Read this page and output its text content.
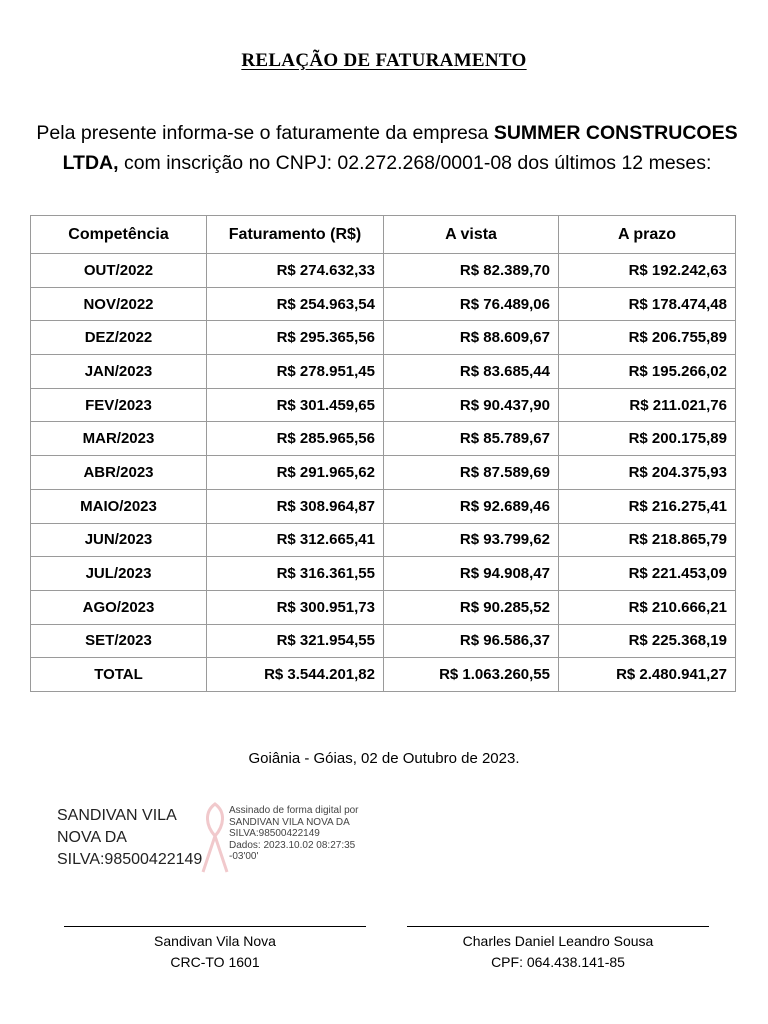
RELAÇÃO DE FATURAMENTO
Pela presente informa-se o faturamente da empresa SUMMER CONSTRUCOES LTDA, com inscrição no CNPJ: 02.272.268/0001-08 dos últimos 12 meses:
Competência	Faturamento (R$)	A vista	A prazo
OUT/2022	R$ 274.632,33	R$ 82.389,70	R$ 192.242,63
NOV/2022	R$ 254.963,54	R$ 76.489,06	R$ 178.474,48
DEZ/2022	R$ 295.365,56	R$ 88.609,67	R$ 206.755,89
JAN/2023	R$ 278.951,45	R$ 83.685,44	R$ 195.266,02
FEV/2023	R$ 301.459,65	R$ 90.437,90	R$ 211.021,76
MAR/2023	R$ 285.965,56	R$ 85.789,67	R$ 200.175,89
ABR/2023	R$ 291.965,62	R$ 87.589,69	R$ 204.375,93
MAIO/2023	R$ 308.964,87	R$ 92.689,46	R$ 216.275,41
JUN/2023	R$ 312.665,41	R$ 93.799,62	R$ 218.865,79
JUL/2023	R$ 316.361,55	R$ 94.908,47	R$ 221.453,09
AGO/2023	R$ 300.951,73	R$ 90.285,52	R$ 210.666,21
SET/2023	R$ 321.954,55	R$ 96.586,37	R$ 225.368,19
TOTAL	R$ 3.544.201,82	R$ 1.063.260,55	R$ 2.480.941,27
Goiânia - Góias, 02 de Outubro de 2023.
SANDIVAN VILA
NOVA DA
SILVA:98500422149
Assinado de forma digital por
SANDIVAN VILA NOVA DA
SILVA:98500422149
Dados: 2023.10.02 08:27:35
-03'00'
Sandivan Vila Nova
CRC-TO 1601
Charles Daniel Leandro Sousa
CPF: 064.438.141-85
